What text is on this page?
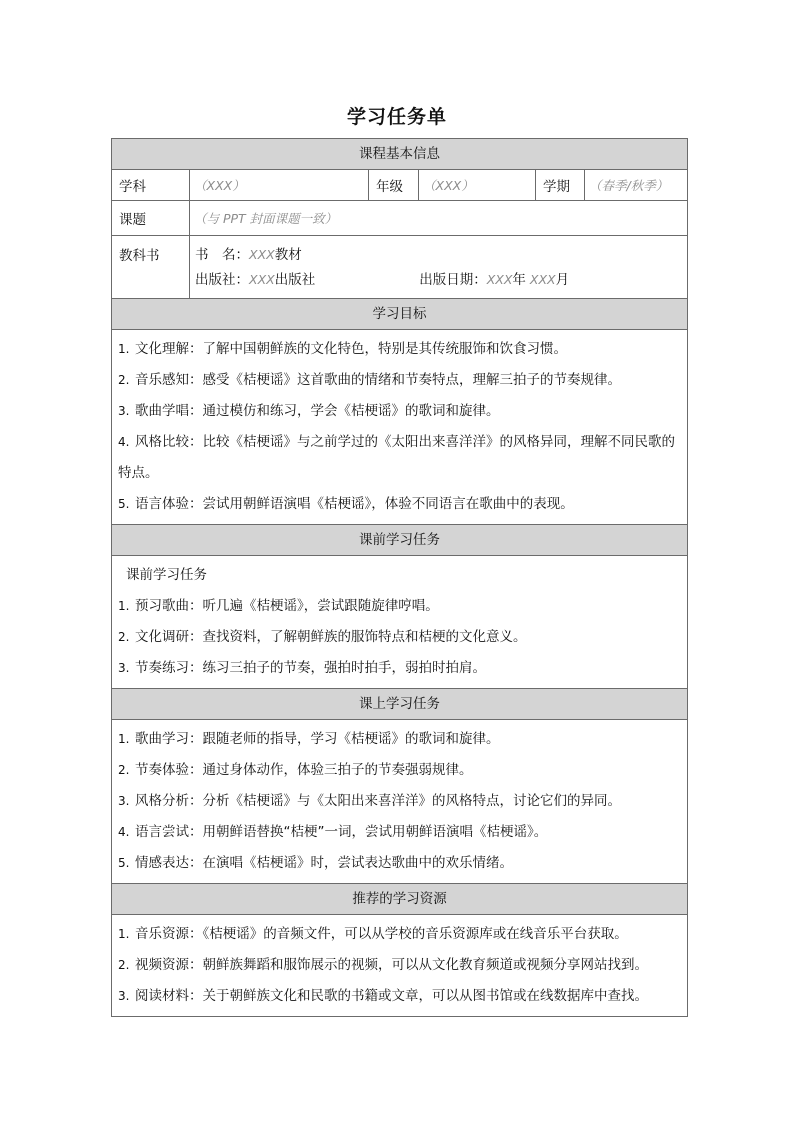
学习任务单
课程基本信息
学科	（XXX）	年级	（XXX）	学期	（春季/秋季）
课题	（与 PPT 封面课题一致）
教科书	书　名：XXX教材
出版社：XXX出版社	出版日期：XXX年 XXX月
学习目标

1. 文化理解：了解中国朝鲜族的文化特色，特别是其传统服饰和饮食习惯。

2. 音乐感知：感受《桔梗谣》这首歌曲的情绪和节奏特点，理解三拍子的节奏规律。

3. 歌曲学唱：通过模仿和练习，学会《桔梗谣》的歌词和旋律。

4. 风格比较：比较《桔梗谣》与之前学过的《太阳出来喜洋洋》的风格异同，理解不同民歌的特点。

5. 语言体验：尝试用朝鲜语演唱《桔梗谣》，体验不同语言在歌曲中的表现。

课前学习任务
课前学习任务

1. 预习歌曲：听几遍《桔梗谣》，尝试跟随旋律哼唱。

2. 文化调研：查找资料，了解朝鲜族的服饰特点和桔梗的文化意义。

3. 节奏练习：练习三拍子的节奏，强拍时拍手，弱拍时拍肩。

课上学习任务

1. 歌曲学习：跟随老师的指导，学习《桔梗谣》的歌词和旋律。

2. 节奏体验：通过身体动作，体验三拍子的节奏强弱规律。

3. 风格分析：分析《桔梗谣》与《太阳出来喜洋洋》的风格特点，讨论它们的异同。

4. 语言尝试：用朝鲜语替换“桔梗”一词，尝试用朝鲜语演唱《桔梗谣》。

5. 情感表达：在演唱《桔梗谣》时，尝试表达歌曲中的欢乐情绪。

推荐的学习资源

1. 音乐资源：《桔梗谣》的音频文件，可以从学校的音乐资源库或在线音乐平台获取。

2. 视频资源：朝鲜族舞蹈和服饰展示的视频，可以从文化教育频道或视频分享网站找到。

3. 阅读材料：关于朝鲜族文化和民歌的书籍或文章，可以从图书馆或在线数据库中查找。
